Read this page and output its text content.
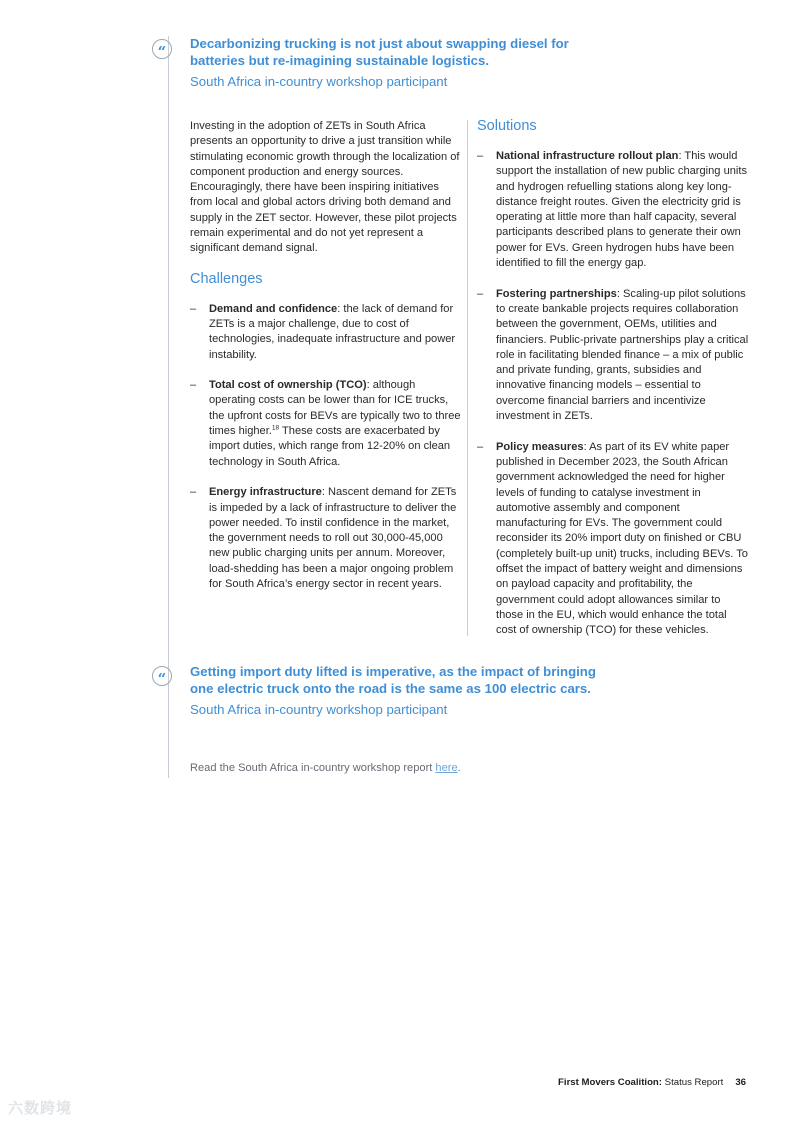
“	Decarbonizing trucking is not just about swapping diesel for batteries but re-imagining sustainable logistics.
South Africa in-country workshop participant
Investing in the adoption of ZETs in South Africa presents an opportunity to drive a just transition while stimulating economic growth through the localization of component production and energy sources. Encouragingly, there have been inspiring initiatives from local and global actors driving both demand and supply in the ZET sector. However, these pilot projects remain experimental and do not yet represent a significant demand signal.
Challenges
– Demand and confidence: the lack of demand for ZETs is a major challenge, due to cost of technologies, inadequate infrastructure and power instability.
– Total cost of ownership (TCO): although operating costs can be lower than for ICE trucks, the upfront costs for BEVs are typically two to three times higher.$^{18}$ These costs are exacerbated by import duties, which range from 12-20% on clean technology in South Africa.
– Energy infrastructure: Nascent demand for ZETs is impeded by a lack of infrastructure to deliver the power needed. To instil confidence in the market, the government needs to roll out 30,000-45,000 new public charging units per annum. Moreover, load-shedding has been a major ongoing problem for South Africa’s energy sector in recent years.
Solutions
– National infrastructure rollout plan: This would support the installation of new public charging units and hydrogen refuelling stations along key long-distance freight routes. Given the electricity grid is operating at little more than half capacity, several participants described plans to generate their own power for EVs. Green hydrogen hubs have been identified to fill the energy gap.
– Fostering partnerships: Scaling-up pilot solutions to create bankable projects requires collaboration between the government, OEMs, utilities and financiers. Public-private partnerships play a critical role in facilitating blended finance – a mix of public and private funding, grants, subsidies and innovative financing models – essential to overcome financial barriers and incentivize investment in ZETs.
– Policy measures: As part of its EV white paper published in December 2023, the South African government acknowledged the need for higher levels of funding to catalyse investment in automotive assembly and component manufacturing for EVs. The government could reconsider its 20% import duty on finished or CBU (completely built-up unit) trucks, including BEVs. To offset the impact of battery weight and dimensions on payload capacity and profitability, the government could adopt allowances similar to those in the EU, which would enhance the total cost of ownership (TCO) for these vehicles.
“	Getting import duty lifted is imperative, as the impact of bringing one electric truck onto the road is the same as 100 electric cars.
South Africa in-country workshop participant
Read the South Africa in-country workshop report here.
First Movers Coalition: Status Report 36
六数跨境
